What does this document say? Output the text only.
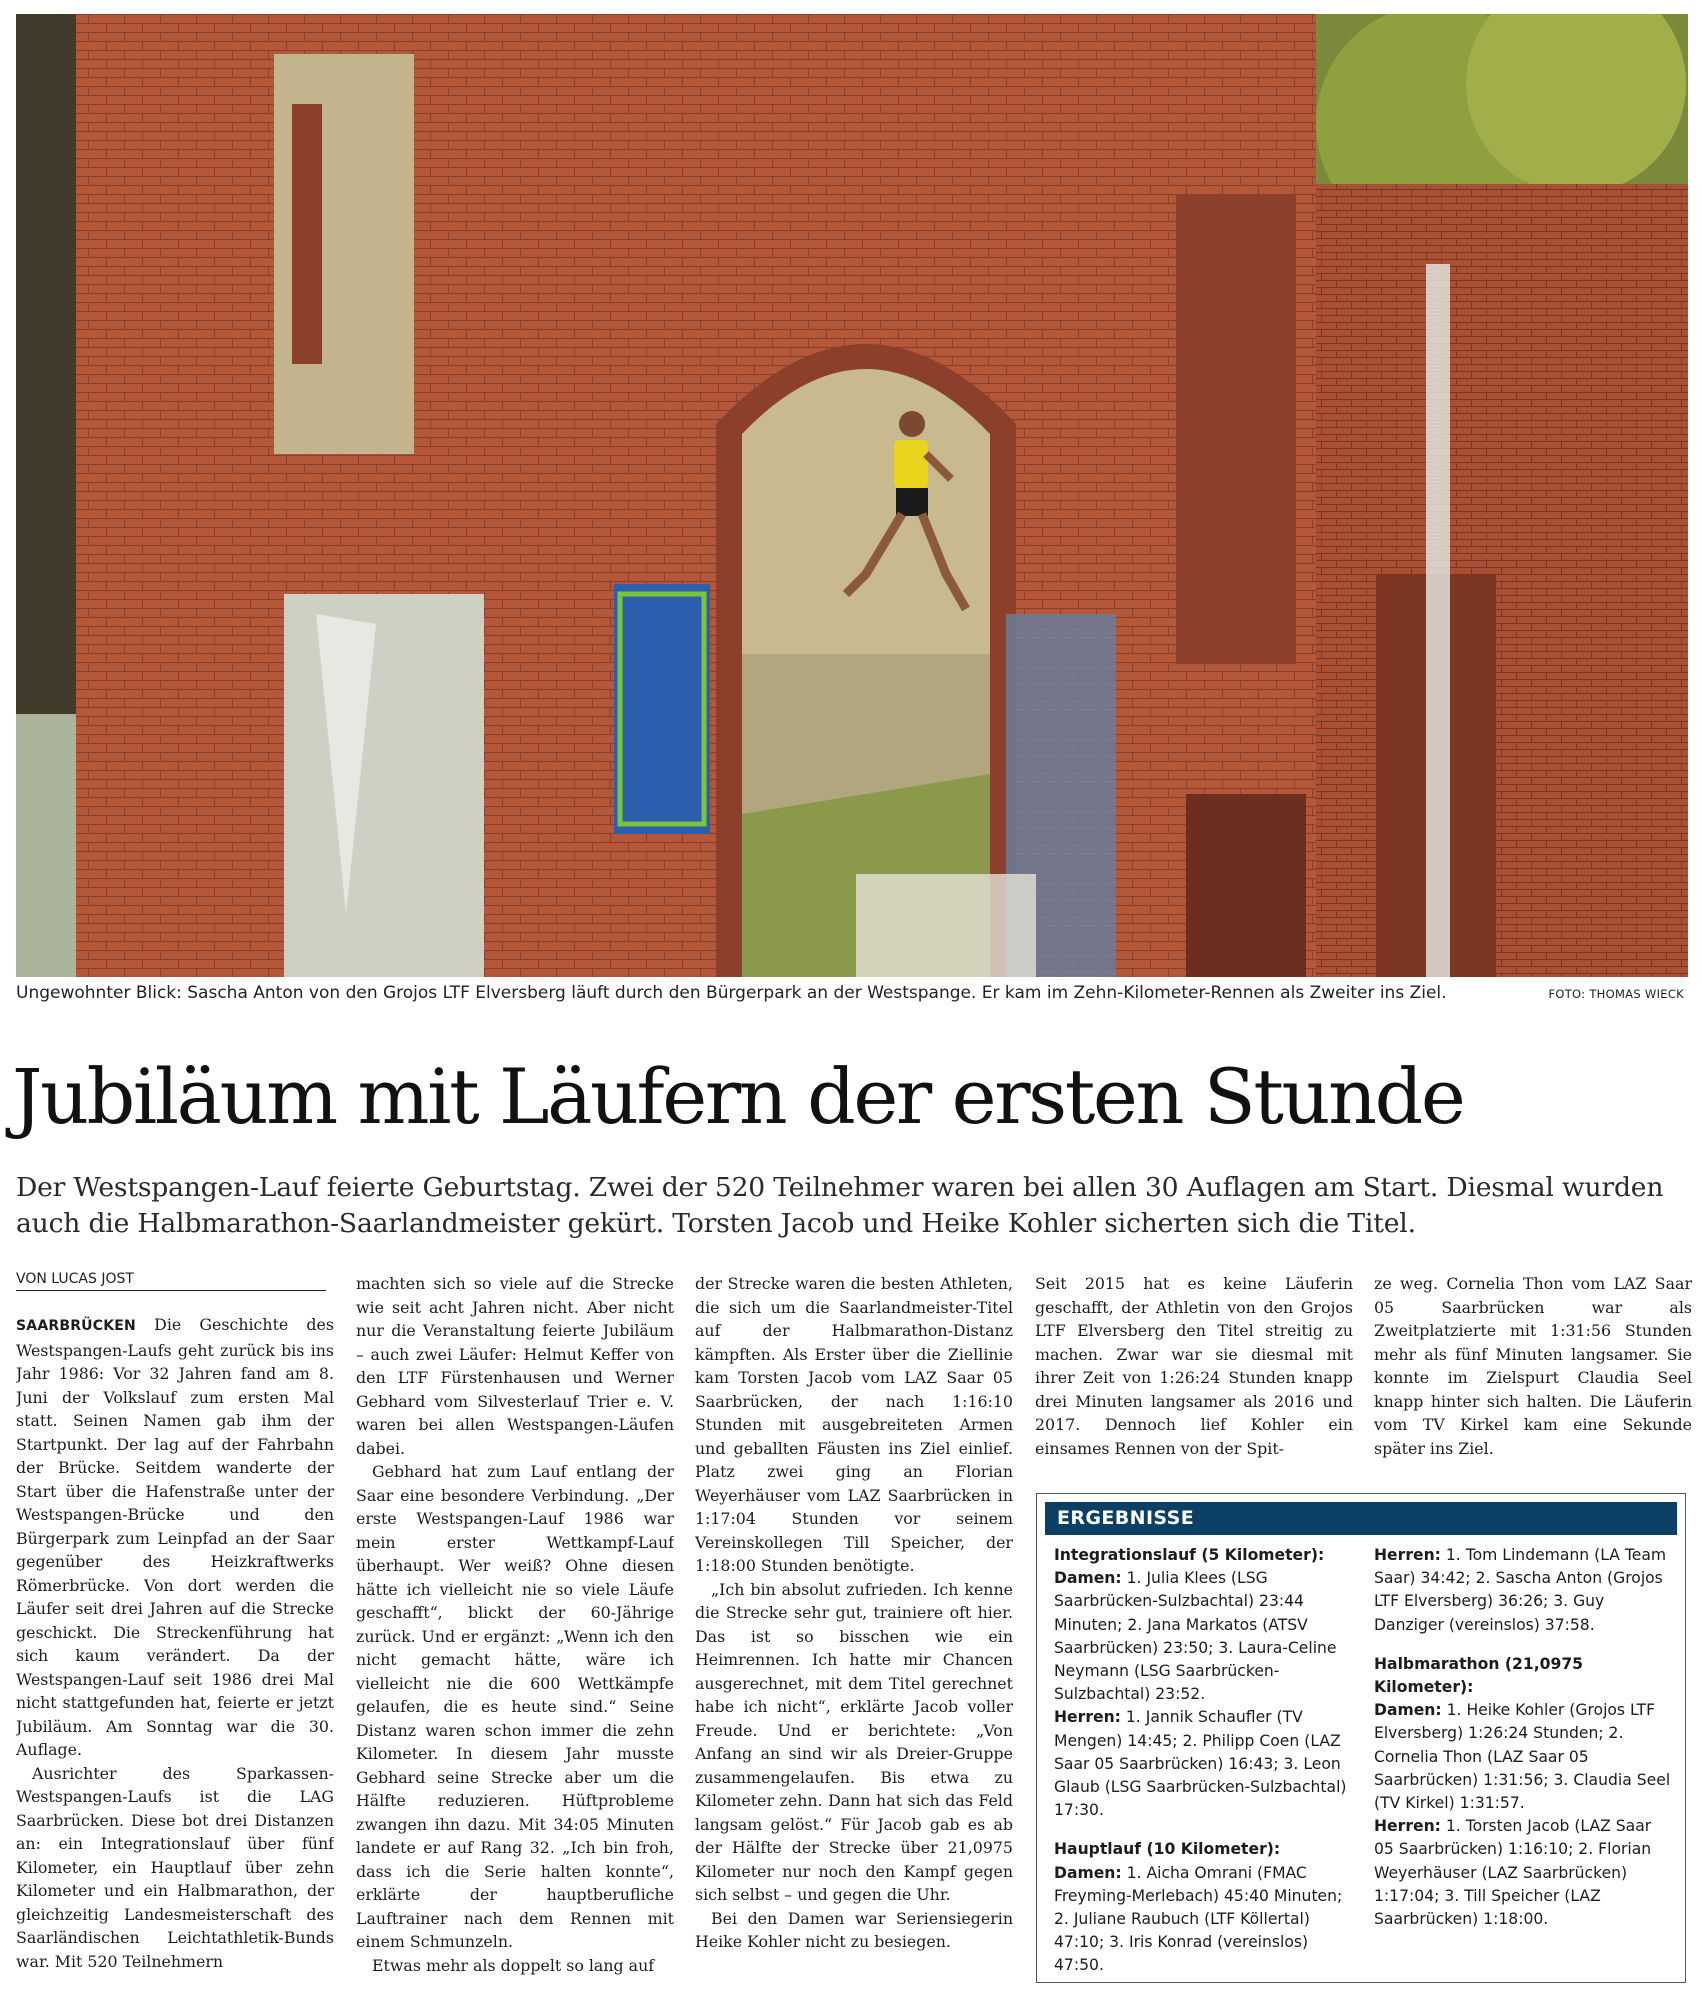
Ungewohnter Blick: Sascha Anton von den Grojos LTF Elversberg läuft durch den Bürgerpark an der Westspange. Er kam im Zehn-Kilometer-Rennen als Zweiter ins Ziel.	FOTO: THOMAS WIECK
Jubiläum mit Läufern der ersten Stunde

Der Westspangen-Lauf feierte Geburtstag. Zwei der 520 Teilnehmer waren bei allen 30 Auflagen am Start. Diesmal wurden auch die Halbmarathon-Saarlandmeister gekürt. Torsten Jacob und Heike Kohler sicherten sich die Titel.

VON LUCAS JOST

SAARBRÜCKEN Die Geschichte des Westspangen-Laufs geht zurück bis ins Jahr 1986: Vor 32 Jahren fand am 8. Juni der Volkslauf zum ersten Mal statt. Seinen Namen gab ihm der Startpunkt. Der lag auf der Fahrbahn der Brücke. Seitdem wanderte der Start über die Hafenstraße unter der Westspangen-Brücke und den Bürgerpark zum Leinpfad an der Saar gegenüber des Heizkraftwerks Römerbrücke. Von dort werden die Läufer seit drei Jahren auf die Strecke geschickt. Die Streckenführung hat sich kaum verändert. Da der Westspangen-Lauf seit 1986 drei Mal nicht stattgefunden hat, feierte er jetzt Jubiläum. Am Sonntag war die 30. Auflage.

Ausrichter des Sparkassen-Westspangen-Laufs ist die LAG Saarbrücken. Diese bot drei Distanzen an: ein Integrationslauf über fünf Kilometer, ein Hauptlauf über zehn Kilometer und ein Halbmarathon, der gleichzeitig Landesmeisterschaft des Saarländischen Leichtathletik-Bunds war. Mit 520 Teilnehmern

machten sich so viele auf die Strecke wie seit acht Jahren nicht. Aber nicht nur die Veranstaltung feierte Jubiläum – auch zwei Läufer: Helmut Keffer von den LTF Fürstenhausen und Werner Gebhard vom Silvesterlauf Trier e. V. waren bei allen Westspangen-Läufen dabei.

Gebhard hat zum Lauf entlang der Saar eine besondere Verbindung. „Der erste Westspangen-Lauf 1986 war mein erster Wettkampf-Lauf überhaupt. Wer weiß? Ohne diesen hätte ich vielleicht nie so viele Läufe geschafft“, blickt der 60-Jährige zurück. Und er ergänzt: „Wenn ich den nicht gemacht hätte, wäre ich vielleicht nie die 600 Wettkämpfe gelaufen, die es heute sind.“ Seine Distanz waren schon immer die zehn Kilometer. In diesem Jahr musste Gebhard seine Strecke aber um die Hälfte reduzieren. Hüftprobleme zwangen ihn dazu. Mit 34:05 Minuten landete er auf Rang 32. „Ich bin froh, dass ich die Serie halten konnte“, erklärte der hauptberufliche Lauftrainer nach dem Rennen mit einem Schmunzeln.

Etwas mehr als doppelt so lang auf

der Strecke waren die besten Athleten, die sich um die Saarlandmeister-Titel auf der Halbmarathon-Distanz kämpften. Als Erster über die Ziellinie kam Torsten Jacob vom LAZ Saar 05 Saarbrücken, der nach 1:16:10 Stunden mit ausgebreiteten Armen und geballten Fäusten ins Ziel einlief. Platz zwei ging an Florian Weyerhäuser vom LAZ Saarbrücken in 1:17:04 Stunden vor seinem Vereinskollegen Till Speicher, der 1:18:00 Stunden benötigte.

„Ich bin absolut zufrieden. Ich kenne die Strecke sehr gut, trainiere oft hier. Das ist so bisschen wie ein Heimrennen. Ich hatte mir Chancen ausgerechnet, mit dem Titel gerechnet habe ich nicht“, erklärte Jacob voller Freude. Und er berichtete: „Von Anfang an sind wir als Dreier-Gruppe zusammengelaufen. Bis etwa zu Kilometer zehn. Dann hat sich das Feld langsam gelöst.“ Für Jacob gab es ab der Hälfte der Strecke über 21,0975 Kilometer nur noch den Kampf gegen sich selbst – und gegen die Uhr.

Bei den Damen war Seriensiegerin Heike Kohler nicht zu besiegen.

Seit 2015 hat es keine Läuferin geschafft, der Athletin von den Grojos LTF Elversberg den Titel streitig zu machen. Zwar war sie diesmal mit ihrer Zeit von 1:26:24 Stunden knapp drei Minuten langsamer als 2016 und 2017. Dennoch lief Kohler ein einsames Rennen von der Spit-

ze weg. Cornelia Thon vom LAZ Saar 05 Saarbrücken war als Zweitplatzierte mit 1:31:56 Stunden mehr als fünf Minuten langsamer. Sie konnte im Zielspurt Claudia Seel knapp hinter sich halten. Die Läuferin vom TV Kirkel kam eine Sekunde später ins Ziel.

ERGEBNISSE

Integrationslauf (5 Kilometer):
Damen: 1. Julia Klees (LSG Saarbrücken-Sulzbachtal) 23:44 Minuten; 2. Jana Markatos (ATSV Saarbrücken) 23:50; 3. Laura-Celine Neymann (LSG Saarbrücken-Sulzbachtal) 23:52.
Herren: 1. Jannik Schaufler (TV Mengen) 14:45; 2. Philipp Coen (LAZ Saar 05 Saarbrücken) 16:43; 3. Leon Glaub (LSG Saarbrücken-Sulzbachtal) 17:30.

Hauptlauf (10 Kilometer):
Damen: 1. Aicha Omrani (FMAC Freyming-Merlebach) 45:40 Minuten; 2. Juliane Raubuch (LTF Köllertal) 47:10; 3. Iris Konrad (vereinslos) 47:50.

Herren: 1. Tom Lindemann (LA Team Saar) 34:42; 2. Sascha Anton (Grojos LTF Elversberg) 36:26; 3. Guy Danziger (vereinslos) 37:58.

Halbmarathon (21,0975 Kilometer):
Damen: 1. Heike Kohler (Grojos LTF Elversberg) 1:26:24 Stunden; 2. Cornelia Thon (LAZ Saar 05 Saarbrücken) 1:31:56; 3. Claudia Seel (TV Kirkel) 1:31:57.
Herren: 1. Torsten Jacob (LAZ Saar 05 Saarbrücken) 1:16:10; 2. Florian Weyerhäuser (LAZ Saarbrücken) 1:17:04; 3. Till Speicher (LAZ Saarbrücken) 1:18:00.
